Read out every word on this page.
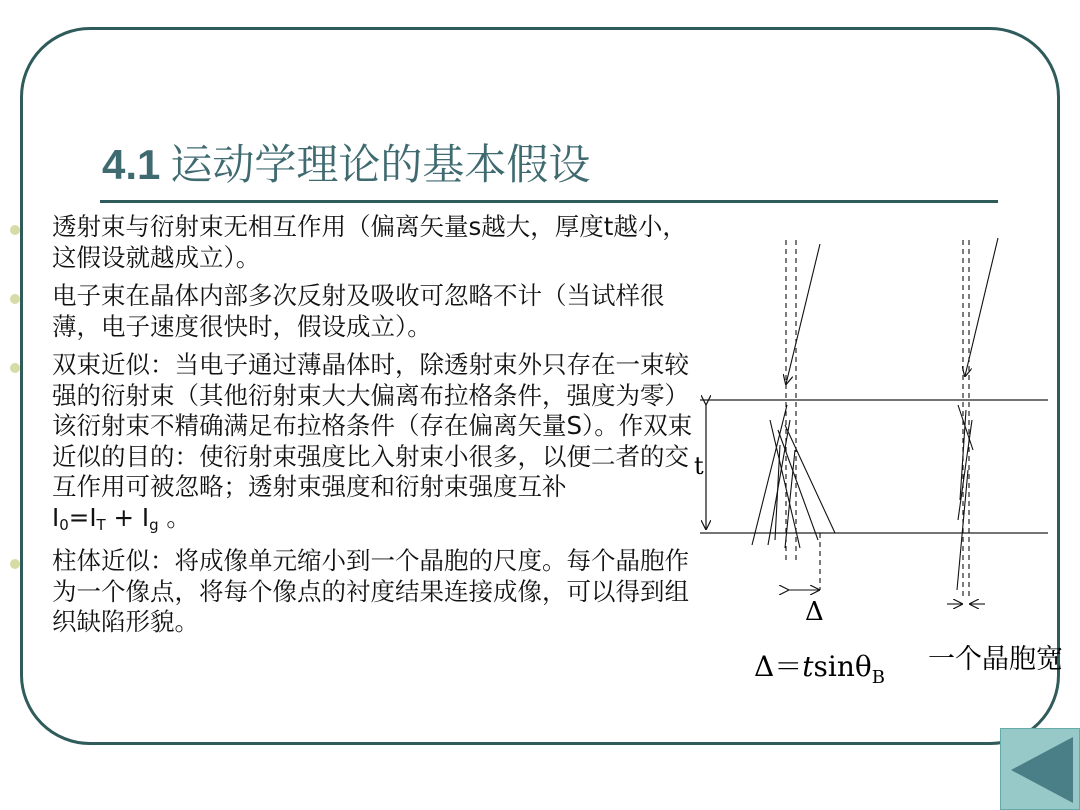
4.1 运动学理论的基本假设
透射束与衍射束无相互作用（偏离矢量s越大，厚度t越小，这假设就越成立）。
电子束在晶体内部多次反射及吸收可忽略不计（当试样很薄，电子速度很快时，假设成立）。
双束近似：当电子通过薄晶体时，除透射束外只存在一束较强的衍射束（其他衍射束大大偏离布拉格条件，强度为零）该衍射束不精确满足布拉格条件（存在偏离矢量S）。作双束近似的目的：使衍射束强度比入射束小很多，以便二者的交互作用可被忽略；透射束强度和衍射束强度互补
$I_0=I_T + I_g$ 。
柱体近似：将成像单元缩小到一个晶胞的尺度。每个晶胞作为一个像点，将每个像点的衬度结果连接成像，可以得到组织缺陷形貌。
t
Δ
Δ＝tsinθ$_B$
一个晶胞宽
